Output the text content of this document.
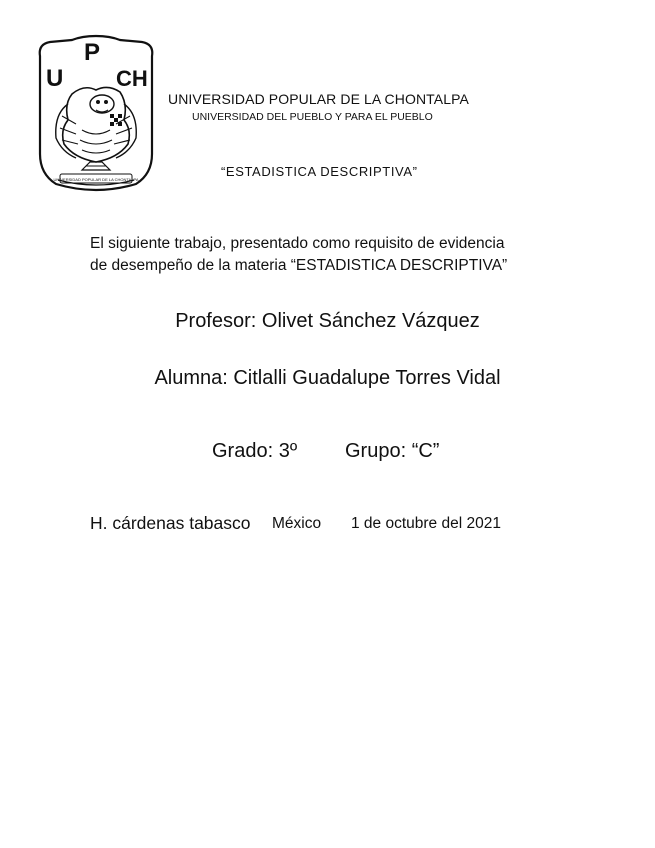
UNIVERSIDAD POPULAR DE LA CHONTALPA
U
P
CH
UNIVERSIDAD POPULAR DE LA CHONTALPA
UNIVERSIDAD DEL PUEBLO Y PARA EL PUEBLO
“ESTADISTICA DESCRIPTIVA”
El siguiente trabajo, presentado como requisito de evidencia
de desempeño de la materia “ESTADISTICA DESCRIPTIVA”
Profesor: Olivet Sánchez Vázquez
Alumna: Citlalli Guadalupe Torres Vidal
Grado: 3º Grupo: “C”
H. cárdenas tabasco México 1 de octubre del 2021
